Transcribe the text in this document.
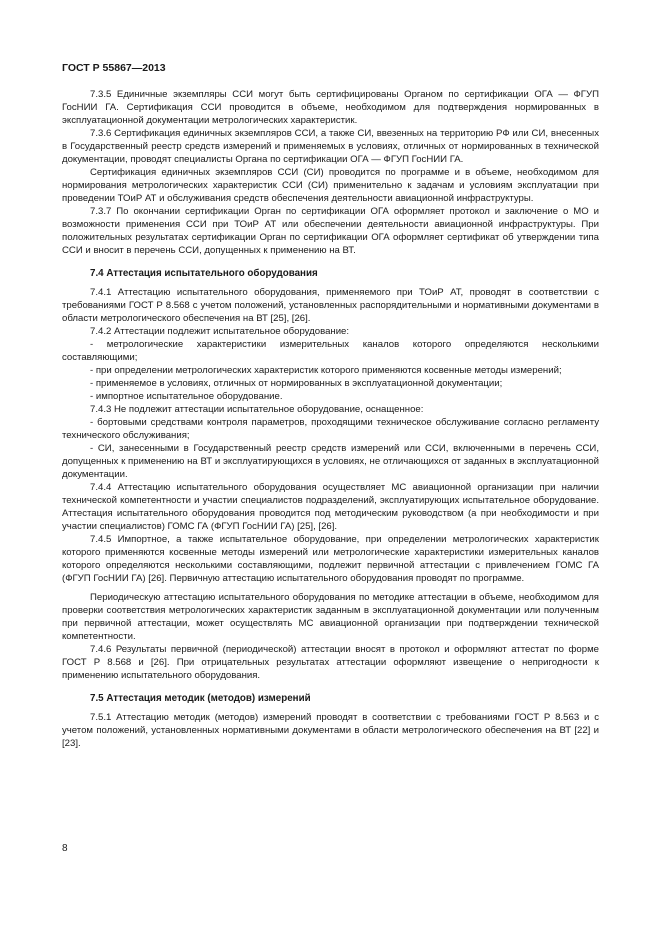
ГОСТ Р 55867—2013

7.3.5 Единичные экземпляры ССИ могут быть сертифицированы Органом по сертификации ОГА — ФГУП ГосНИИ ГА. Сертификация ССИ проводится в объеме, необходимом для подтверждения нормированных в эксплуатационной документации метрологических характеристик.

7.3.6 Сертификация единичных экземпляров ССИ, а также СИ, ввезенных на территорию РФ или СИ, внесенных в Государственный реестр средств измерений и применяемых в условиях, отличных от нормированных в технической документации, проводят специалисты Органа по сертификации ОГА — ФГУП ГосНИИ ГА.

Сертификация единичных экземпляров ССИ (СИ) проводится по программе и в объеме, необходимом для нормирования метрологических характеристик ССИ (СИ) применительно к задачам и условиям эксплуатации при проведении ТОиР АТ и обслуживания средств обеспечения деятельности авиационной инфраструктуры.

7.3.7 По окончании сертификации Орган по сертификации ОГА оформляет протокол и заключение о МО и возможности применения ССИ при ТОиР АТ или обеспечении деятельности авиационной инфраструктуры. При положительных результатах сертификации Орган по сертификации ОГА оформляет сертификат об утверждении типа ССИ и вносит в перечень ССИ, допущенных к применению на ВТ.

7.4 Аттестация испытательного оборудования

7.4.1 Аттестацию испытательного оборудования, применяемого при ТОиР АТ, проводят в соответствии с требованиями ГОСТ Р 8.568 с учетом положений, установленных распорядительными и нормативными документами в области метрологического обеспечения на ВТ [25], [26].

7.4.2 Аттестации подлежит испытательное оборудование:

- метрологические характеристики измерительных каналов которого определяются несколькими составляющими;

- при определении метрологических характеристик которого применяются косвенные методы измерений;

- применяемое в условиях, отличных от нормированных в эксплуатационной документации;

- импортное испытательное оборудование.

7.4.3 Не подлежит аттестации испытательное оборудование, оснащенное:

- бортовыми средствами контроля параметров, проходящими техническое обслуживание согласно регламенту технического обслуживания;

- СИ, занесенными в Государственный реестр средств измерений или ССИ, включенными в перечень ССИ, допущенных к применению на ВТ и эксплуатирующихся в условиях, не отличающихся от заданных в эксплуатационной документации.

7.4.4 Аттестацию испытательного оборудования осуществляет МС авиационной организации при наличии технической компетентности и участии специалистов подразделений, эксплуатирующих испытательное оборудование. Аттестация испытательного оборудования проводится под методическим руководством (а при необходимости и при участии специалистов) ГОМС ГА (ФГУП ГосНИИ ГА) [25], [26].

7.4.5 Импортное, а также испытательное оборудование, при определении метрологических характеристик которого применяются косвенные методы измерений или метрологические характеристики измерительных каналов которого определяются несколькими составляющими, подлежит первичной аттестации с привлечением ГОМС ГА (ФГУП ГосНИИ ГА) [26]. Первичную аттестацию испытательного оборудования проводят по программе.

Периодическую аттестацию испытательного оборудования по методике аттестации в объеме, необходимом для проверки соответствия метрологических характеристик заданным в эксплуатационной документации или полученным при первичной аттестации, может осуществлять МС авиационной организации при подтверждении технической компетентности.

7.4.6 Результаты первичной (периодической) аттестации вносят в протокол и оформляют аттестат по форме ГОСТ Р 8.568 и [26]. При отрицательных результатах аттестации оформляют извещение о непригодности к применению испытательного оборудования.

7.5 Аттестация методик (методов) измерений

7.5.1 Аттестацию методик (методов) измерений проводят в соответствии с требованиями ГОСТ Р 8.563 и с учетом положений, установленных нормативными документами в области метрологического обеспечения на ВТ [22] и [23].

8
